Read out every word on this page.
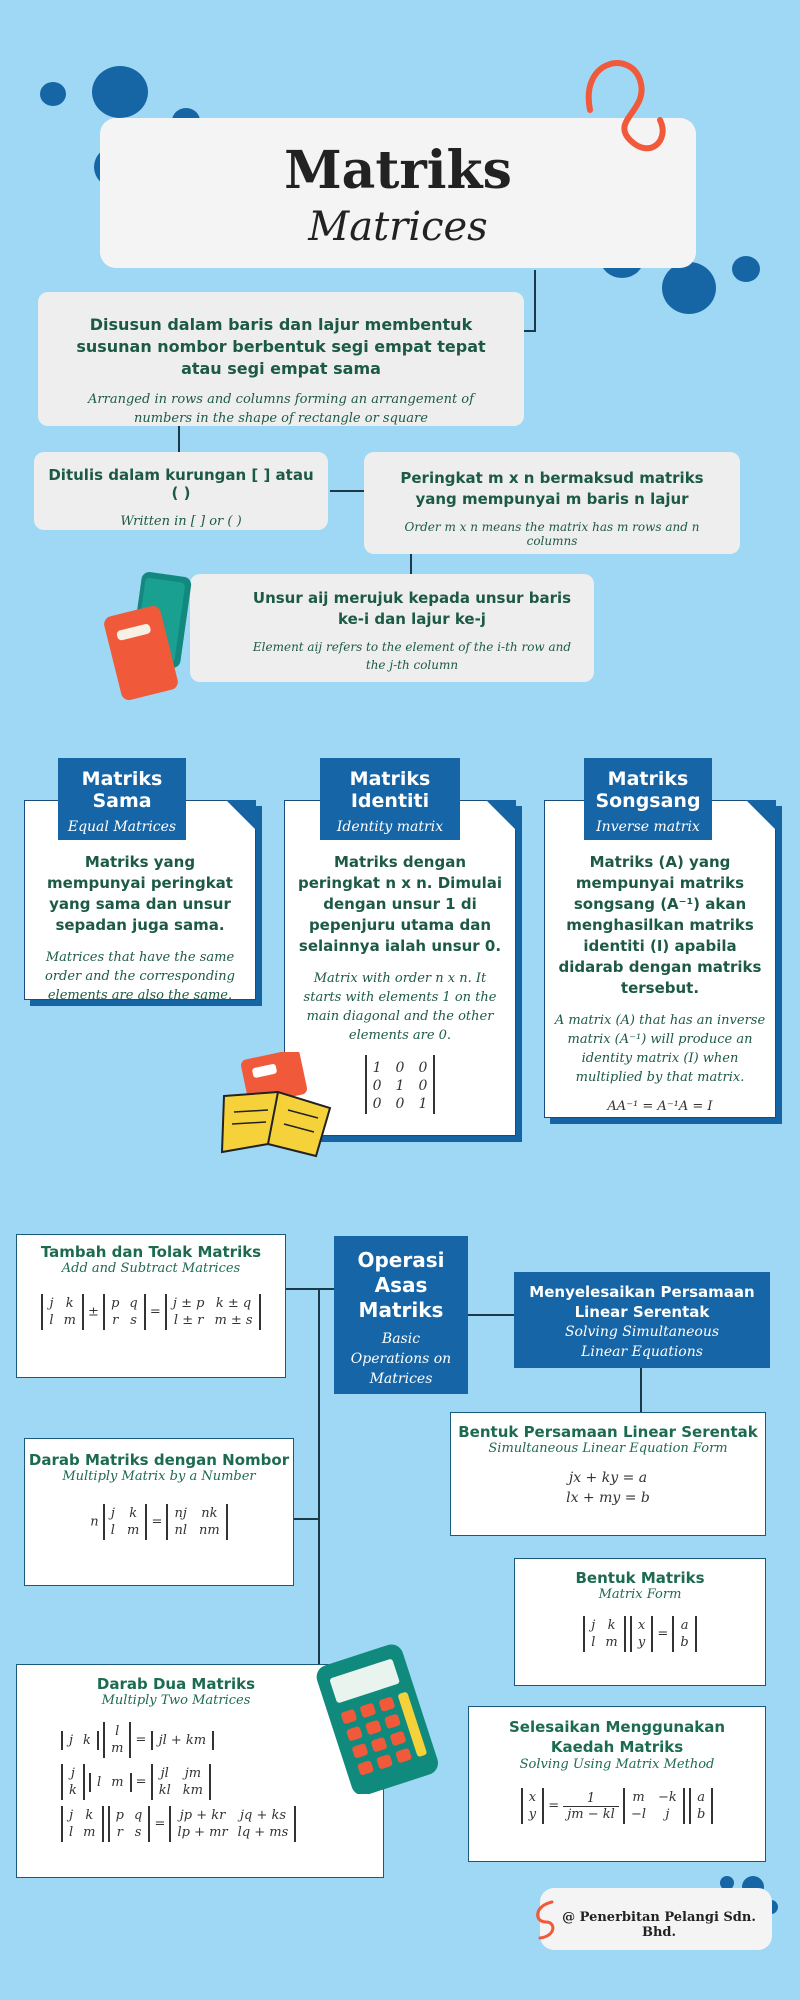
Matriks
Matrices
Disusun dalam baris dan lajur membentuk susunan nombor berbentuk segi empat tepat atau segi empat sama
Arranged in rows and columns forming an arrangement of numbers in the shape of rectangle or square
Ditulis dalam kurungan [ ] atau ( )
Written in [ ] or ( )
Peringkat m x n bermaksud matriks yang mempunyai m baris n lajur
Order m x n means the matrix has m rows and n columns
Unsur aij merujuk kepada unsur baris ke-i dan lajur ke-j
Element aij refers to the element of the i-th row and the j-th column
Matriks Sama
Equal Matrices
Matriks Identiti
Identity matrix
Matriks Songsang
Inverse matrix
Matriks yang mempunyai peringkat yang sama dan unsur sepadan juga sama.
Matrices that have the same order and the corresponding elements are also the same.
Matriks dengan peringkat n x n. Dimulai dengan unsur 1 di pepenjuru utama dan selainnya ialah unsur 0.
Matrix with order n x n. It starts with elements 1 on the main diagonal and the other elements are 0.
1 0 0
0 1 0
0 0 1
Matriks (A) yang mempunyai matriks songsang (A⁻¹) akan menghasilkan matriks identiti (I) apabila didarab dengan matriks tersebut.
A matrix (A) that has an inverse matrix (A⁻¹) will produce an identity matrix (I) when multiplied by that matrix.
AA⁻¹ = A⁻¹A = I
Operasi Asas Matriks
Basic Operations on Matrices
Tambah dan Tolak Matriks
Add and Subtract Matrices
j k
l m
±
p q
r s
=
j ± p k ± q
l ± r m ± s
Darab Matriks dengan Nombor
Multiply Matrix by a Number
n
j k
l m
=
nj nk
nl nm
Darab Dua Matriks
Multiply Two Matrices
j k

l
m
= jl + km
j
k

l m =
jl jm
kl km
j k
l m

p q
r s
=
jp + kr jq + ks
lp + mr lq + ms
Menyelesaikan Persamaan Linear Serentak
Solving Simultaneous Linear Equations
Bentuk Persamaan Linear Serentak
Simultaneous Linear Equation Form
jx + ky = a
lx + my = b
Bentuk Matriks
Matrix Form
j k
l m

x
y
=
a
b
Selesaikan Menggunakan Kaedah Matriks
Solving Using Matrix Method
x
y
= $\frac{1}{jm - kl}$
m −k
−l	j

a
b
@ Penerbitan Pelangi Sdn. Bhd.
